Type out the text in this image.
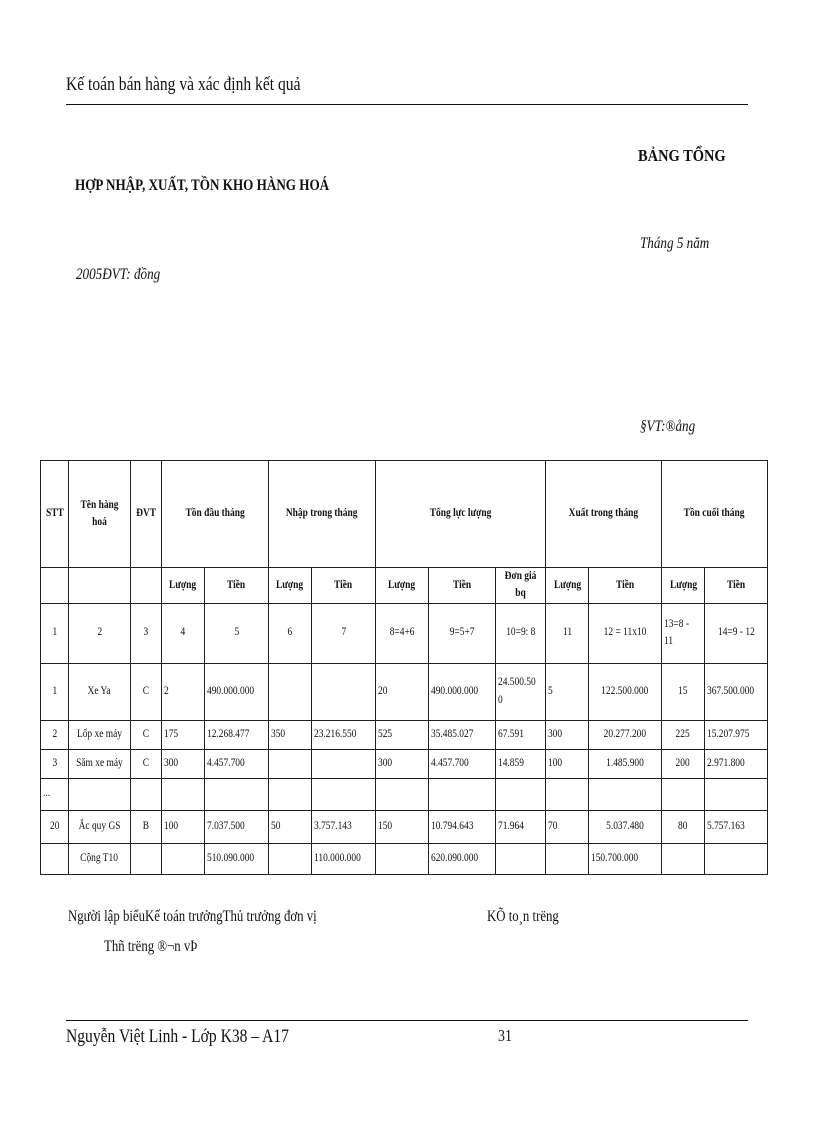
Kế toán bán hàng và xác định kết quả
BẢNG TỔNG
HỢP NHẬP, XUẤT, TỒN KHO HÀNG HOÁ
Tháng 5 năm
2005ĐVT: đồng
§VT:®ång
STT	Tên hàng hoá	ĐVT	Tồn đầu tháng		Nhập trong tháng		Tổng lực lượng			Xuất trong tháng		Tồn cuối tháng	
			Lượng	Tiền	Lượng	Tiền	Lượng	Tiền	Đơn giá bq	Lượng	Tiền	Lượng	Tiền
1	2	3	4	5	6	7	8=4+6	9=5+7	10=9: 8	11	12 = 11x10	13=8 - 11	14=9 - 12
1	Xe Ya	C	2	490.000.000			20	490.000.000	24.500.500	5	122.500.000	15	367.500.000
2	Lốp xe máy	C	175	12.268.477	350	23.216.550	525	35.485.027	67.591	300	20.277.200	225	15.207.975
3	Săm xe máy	C	300	4.457.700			300	4.457.700	14.859	100	1.485.900	200	2.971.800
...													
20	Ắc quy GS	B	100	7.037.500	50	3.757.143	150	10.794.643	71.964	70	5.037.480	80	5.757.163
	Cộng T10			510.090.000		110.000.000		620.090.000			150.700.000		
Người lập biểuKế toán trưởngThủ trưởng đơn vị	KÕ to¸n trëng
Thñ trëng ®¬n vÞ
Nguyễn Việt Linh - Lớp K38 – A17	31
